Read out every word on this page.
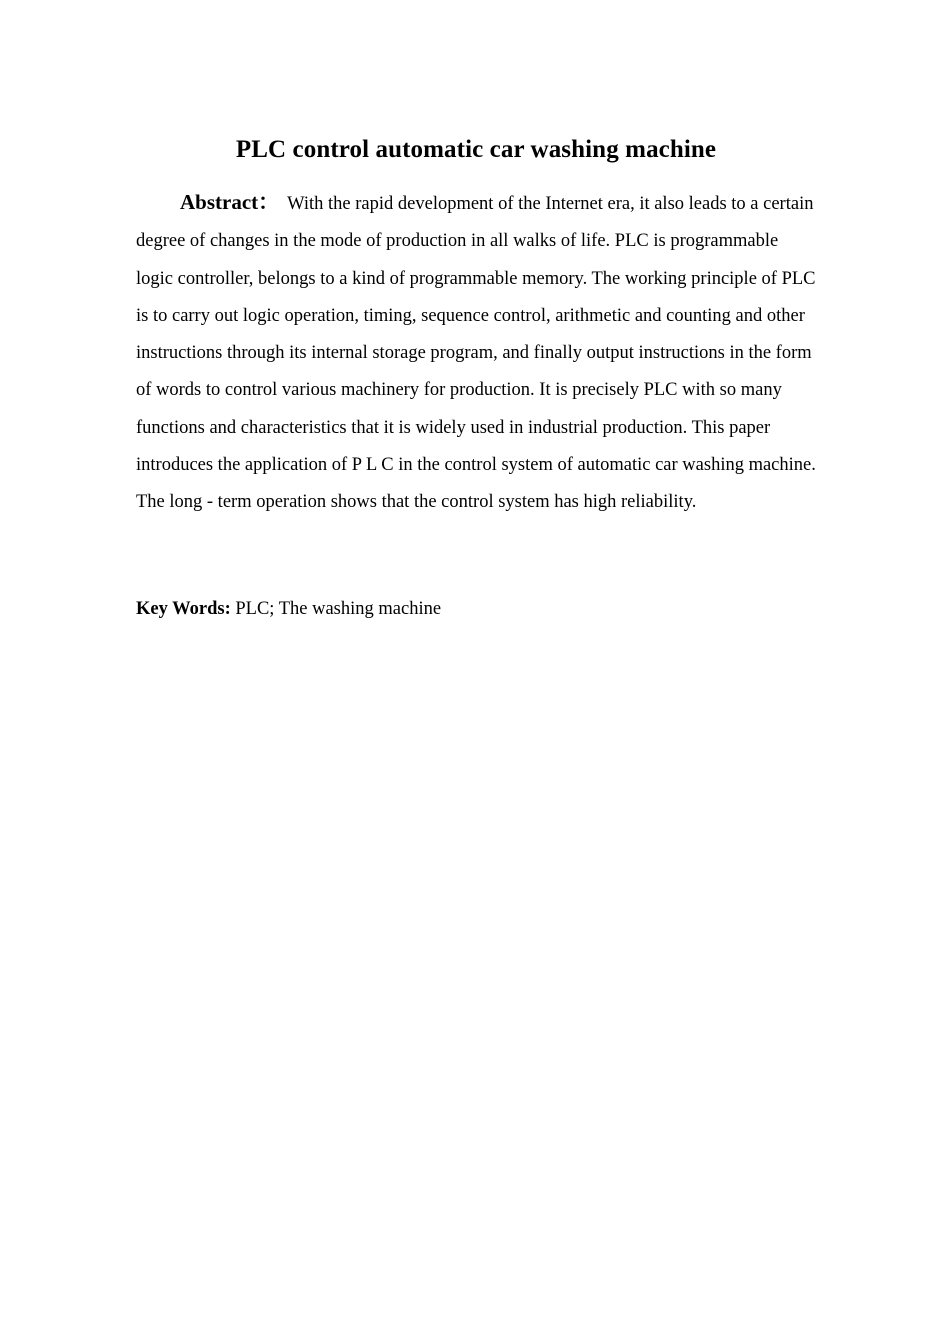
PLC control automatic car washing machine

Abstract： With the rapid development of the Internet era, it also leads to a certain degree of changes in the mode of production in all walks of life. PLC is programmable logic controller, belongs to a kind of programmable memory. The working principle of PLC is to carry out logic operation, timing, sequence control, arithmetic and counting and other instructions through its internal storage program, and finally output instructions in the form of words to control various machinery for production. It is precisely PLC with so many functions and characteristics that it is widely used in industrial production. This paper introduces the application of P L C in the control system of automatic car washing machine. The long - term operation shows that the control system has high reliability.

Key Words: PLC; The washing machine
